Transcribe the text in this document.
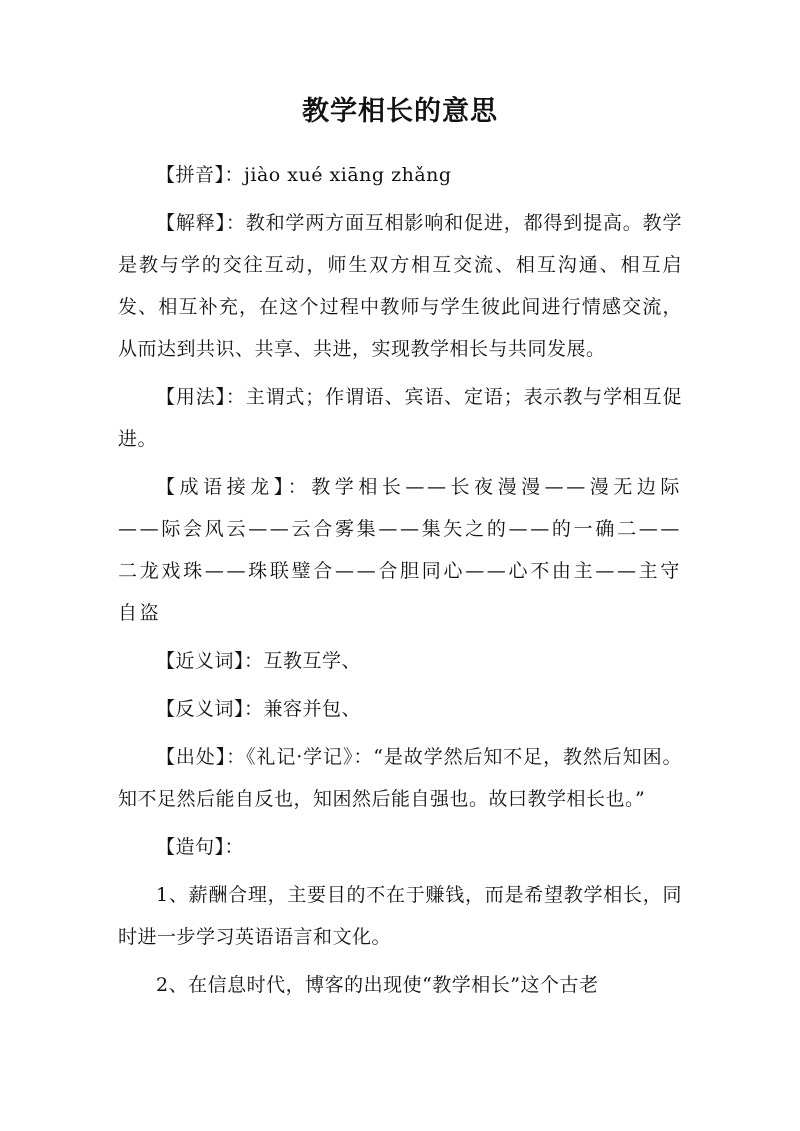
教学相长的意思

【拼音】：jiào xué xiāng zhǎng

【解释】：教和学两方面互相影响和促进，都得到提高。教学是教与学的交往互动，师生双方相互交流、相互沟通、相互启发、相互补充，在这个过程中教师与学生彼此间进行情感交流，从而达到共识、共享、共进，实现教学相长与共同发展。

【用法】：主谓式；作谓语、宾语、定语；表示教与学相互促进。

【成语接龙】：教学相长——长夜漫漫——漫无边际——际会风云——云合雾集——集矢之的——的一确二——二龙戏珠——珠联璧合——合胆同心——心不由主——主守自盗

【近义词】：互教互学、

【反义词】：兼容并包、

【出处】：《礼记·学记》：“是故学然后知不足，教然后知困。知不足然后能自反也，知困然后能自强也。故曰教学相长也。”

【造句】：

1、薪酬合理，主要目的不在于赚钱，而是希望教学相长，同时进一步学习英语语言和文化。

2、在信息时代，博客的出现使“教学相长”这个古老
